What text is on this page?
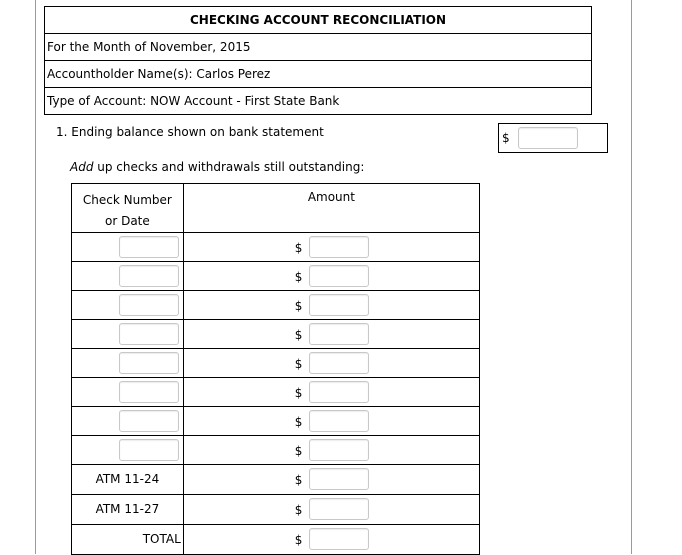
CHECKING ACCOUNT RECONCILIATION
For the Month of November, 2015
Accountholder Name(s): Carlos Perez
Type of Account: NOW Account - First State Bank
1. Ending balance shown on bank statement	$
Add up checks and withdrawals still outstanding:
Check Number
or Date	Amount

	$

	$

	$

	$

	$

	$

	$

	$

ATM 11-24	$

ATM 11-27	$

TOTAL	$
